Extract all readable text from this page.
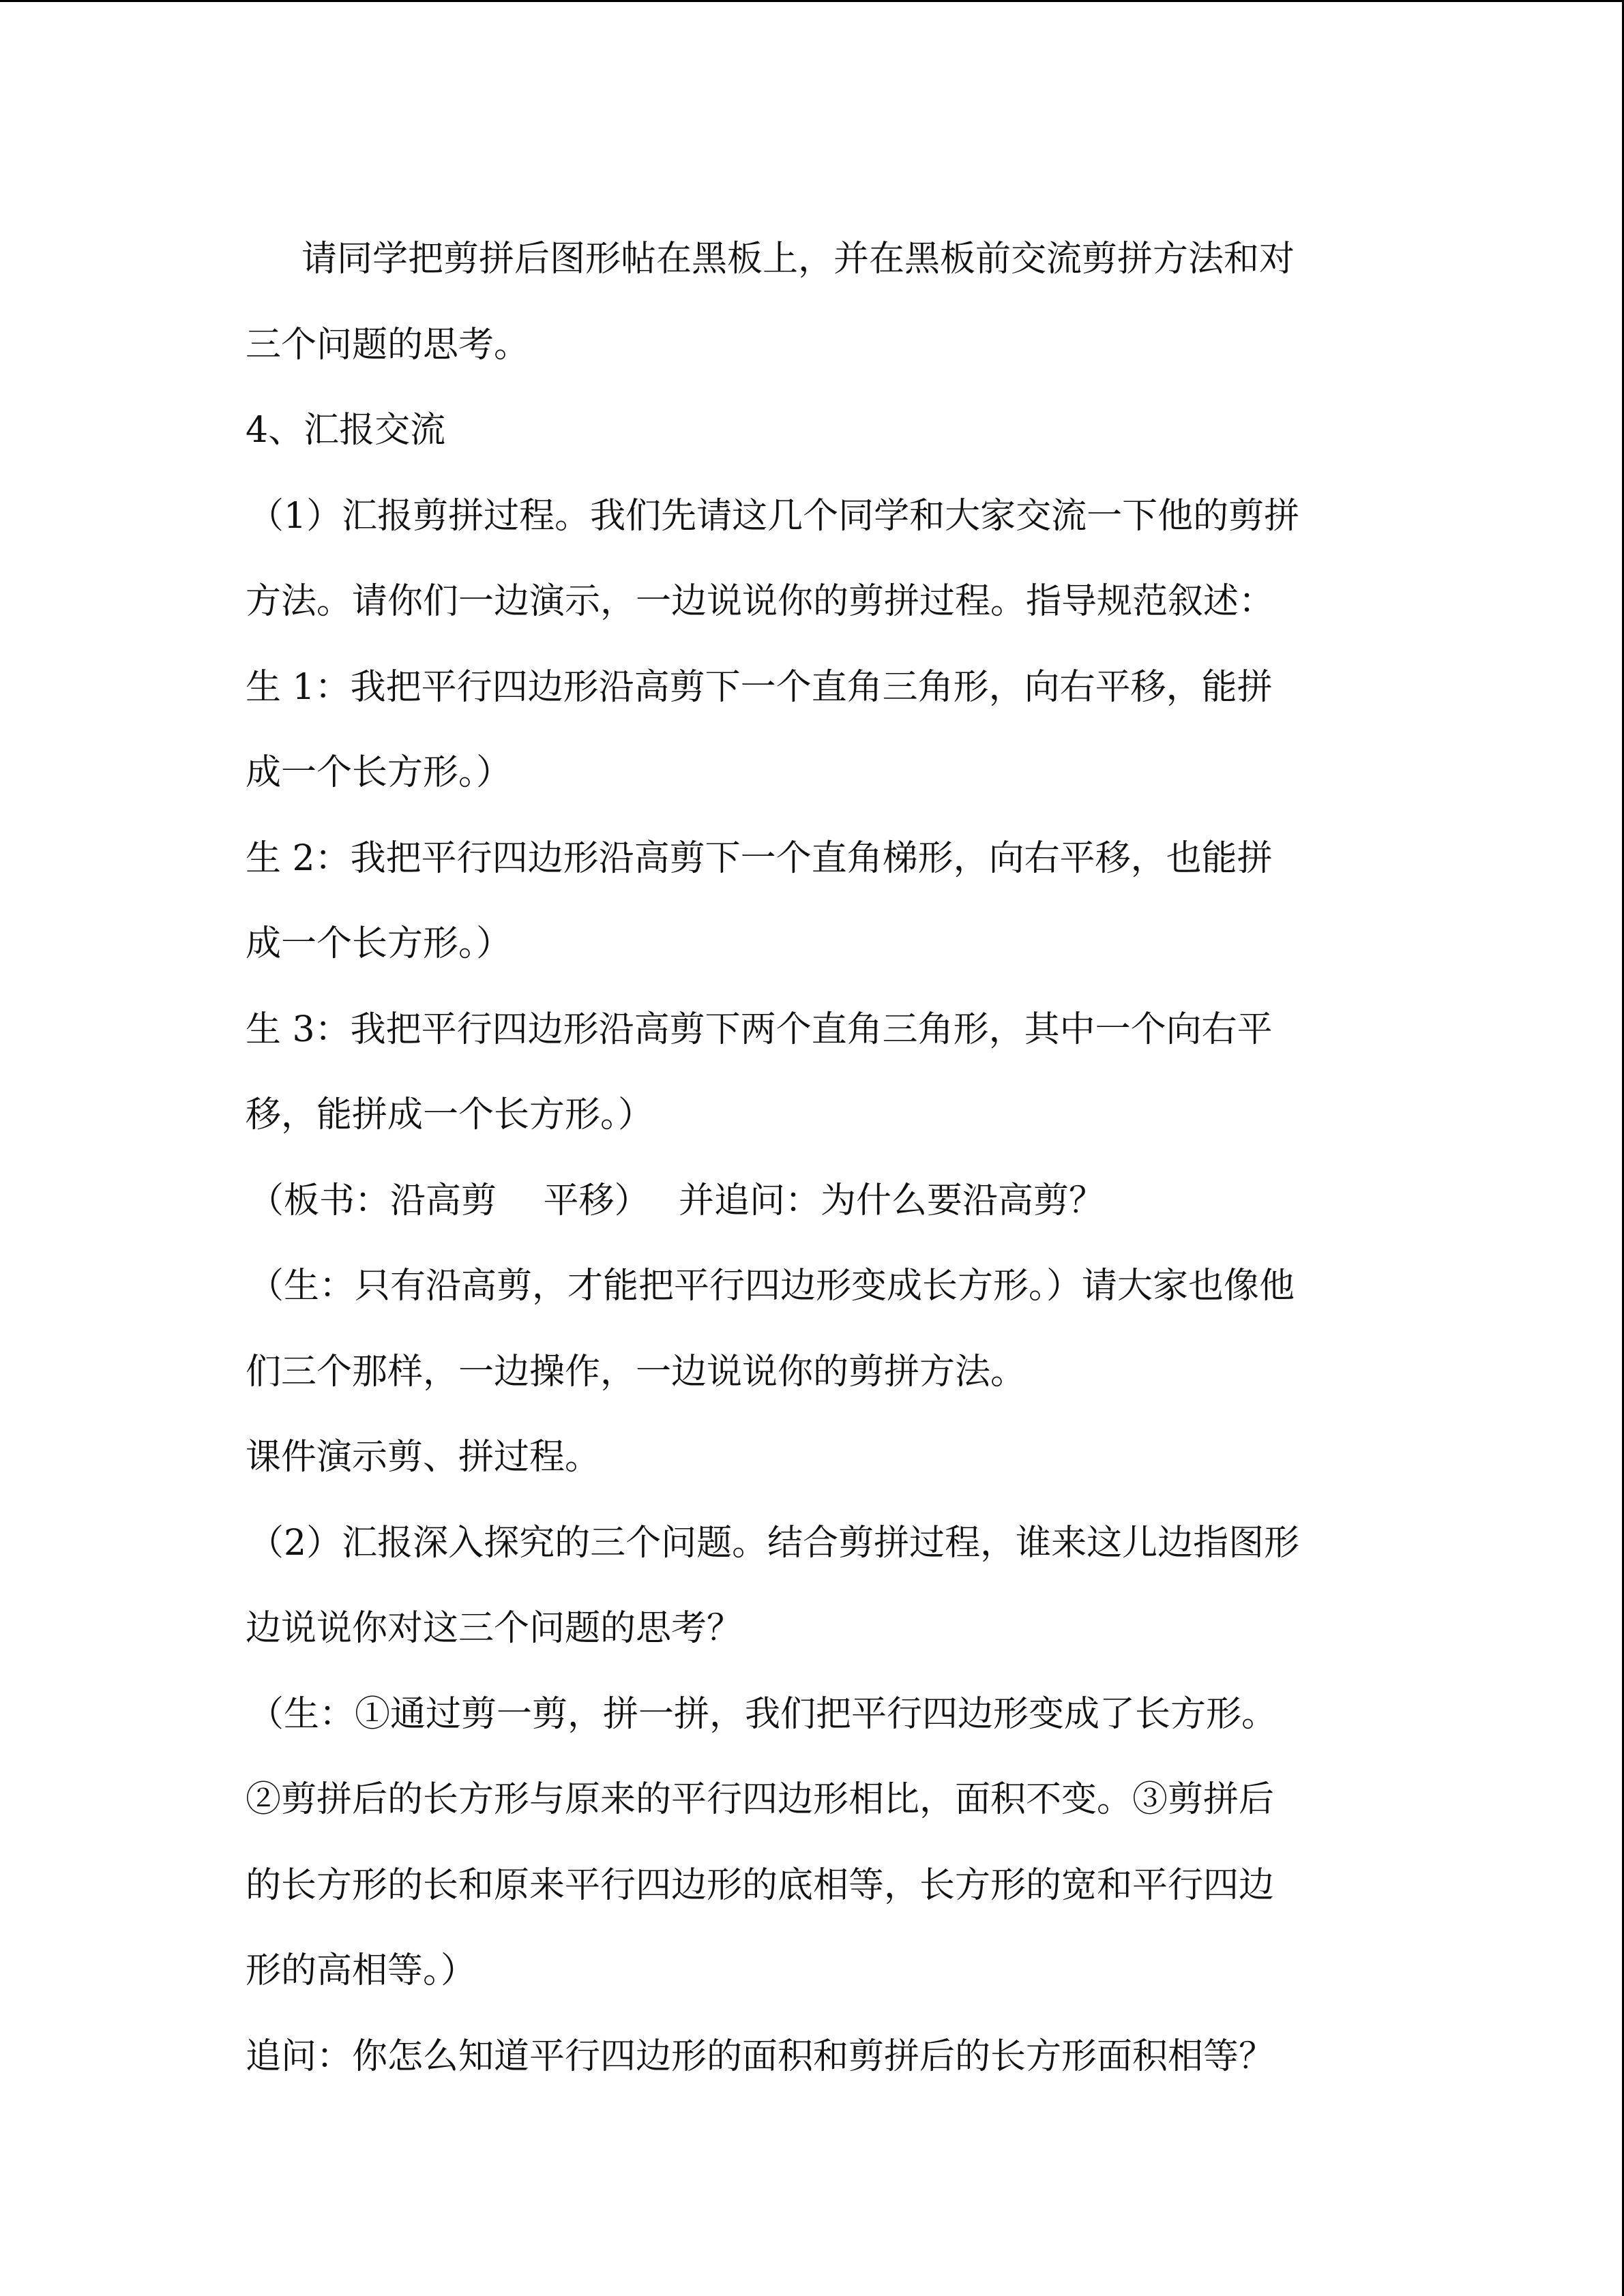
请同学把剪拼后图形帖在黑板上，并在黑板前交流剪拼方法和对
三个问题的思考。
4、汇报交流
（1）汇报剪拼过程。我们先请这几个同学和大家交流一下他的剪拼
方法。请你们一边演示，一边说说你的剪拼过程。指导规范叙述：
生 1：我把平行四边形沿高剪下一个直角三角形，向右平移，能拼
成一个长方形。）
生 2：我把平行四边形沿高剪下一个直角梯形，向右平移，也能拼
成一个长方形。）
生 3：我把平行四边形沿高剪下两个直角三角形，其中一个向右平
移，能拼成一个长方形。）
（板书：沿高剪　 平移）　 并追问：为什么要沿高剪？
（生：只有沿高剪，才能把平行四边形变成长方形。）请大家也像他
们三个那样，一边操作，一边说说你的剪拼方法。
课件演示剪、拼过程。
（2）汇报深入探究的三个问题。结合剪拼过程，谁来这儿边指图形
边说说你对这三个问题的思考？
（生：①通过剪一剪，拼一拼，我们把平行四边形变成了长方形。
②剪拼后的长方形与原来的平行四边形相比，面积不变。③剪拼后
的长方形的长和原来平行四边形的底相等，长方形的宽和平行四边
形的高相等。）
追问：你怎么知道平行四边形的面积和剪拼后的长方形面积相等？
